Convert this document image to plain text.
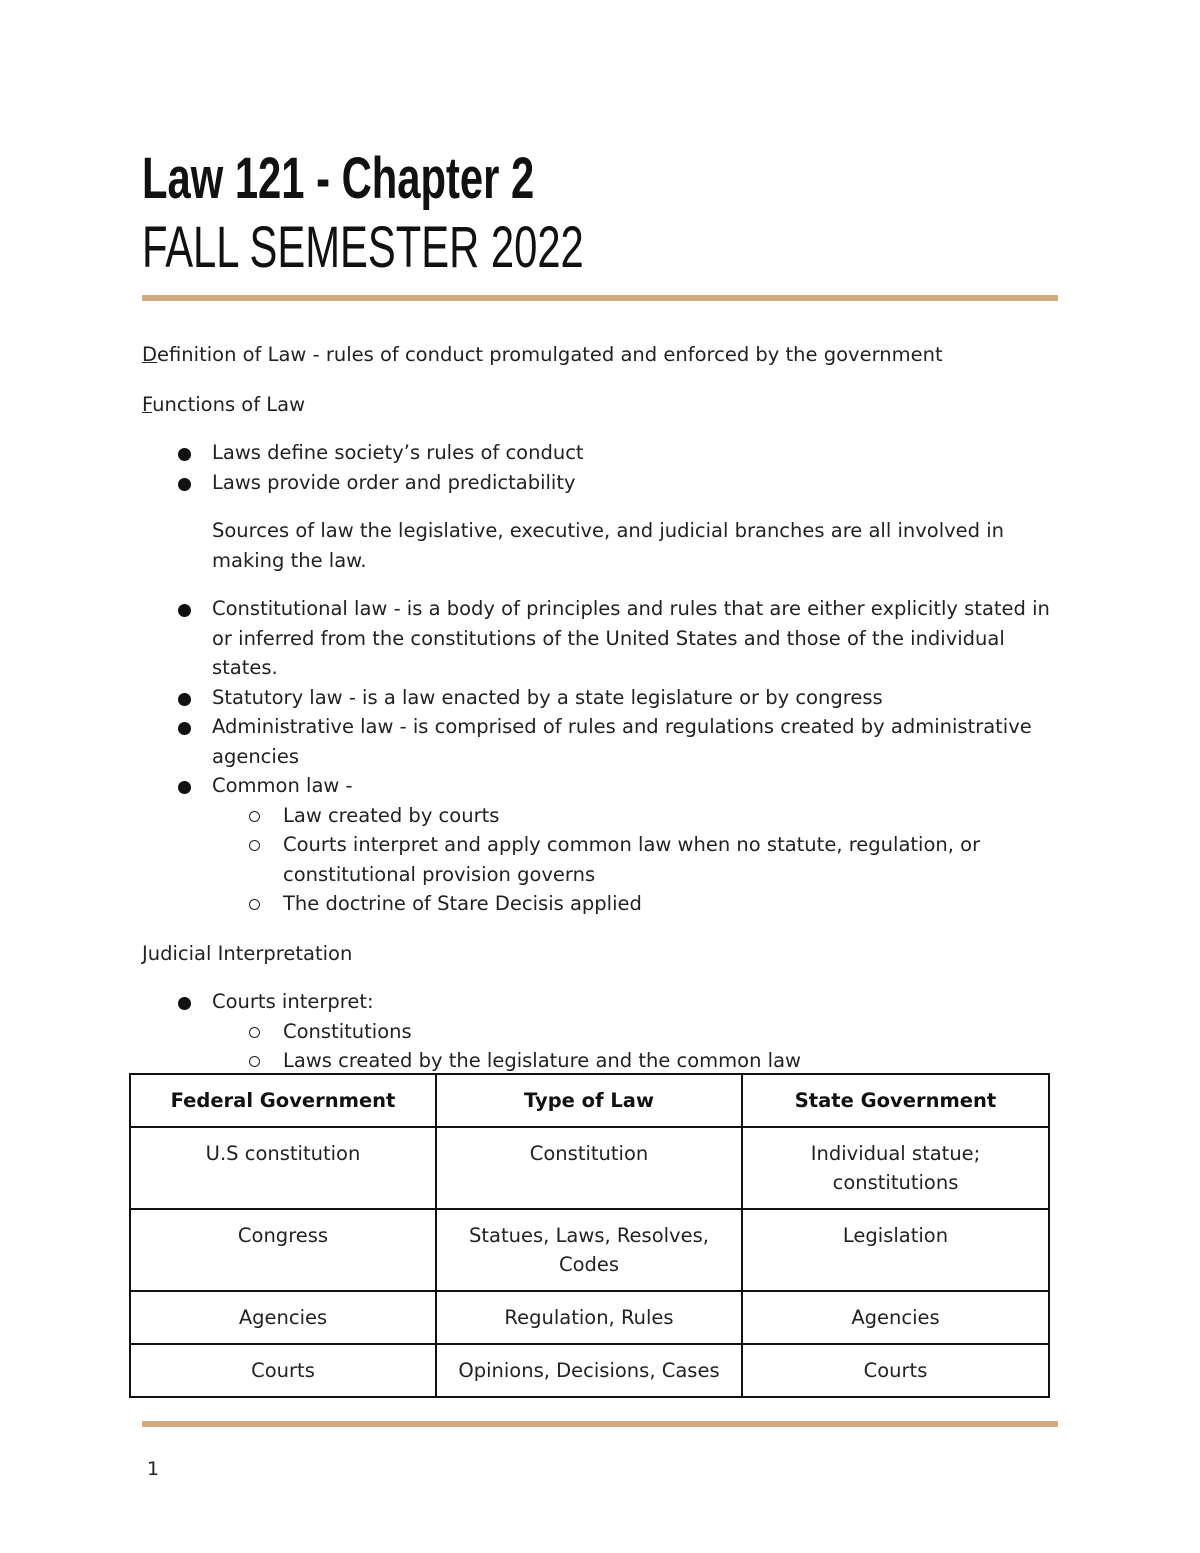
Law 121 - Chapter 2
FALL SEMESTER 2022

Definition of Law - rules of conduct promulgated and enforced by the government

Functions of Law

Laws define society’s rules of conduct
Laws provide order and predictability

Sources of law the legislative, executive, and judicial branches are all involved in making the law.

Constitutional law - is a body of principles and rules that are either explicitly stated in or inferred from the constitutions of the United States and those of the individual states.
Statutory law - is a law enacted by a state legislature or by congress
Administrative law - is comprised of rules and regulations created by administrative agencies
Common law -
Law created by courts
Courts interpret and apply common law when no statute, regulation, or constitutional provision governs
The doctrine of Stare Decisis applied

Judicial Interpretation

Courts interpret:
Constitutions
Laws created by the legislature and the common law
Federal Government	Type of Law	State Government
U.S constitution	Constitution	Individual statue; constitutions
Congress	Statues, Laws, Resolves, Codes	Legislation
Agencies	Regulation, Rules	Agencies
Courts	Opinions, Decisions, Cases	Courts
1
